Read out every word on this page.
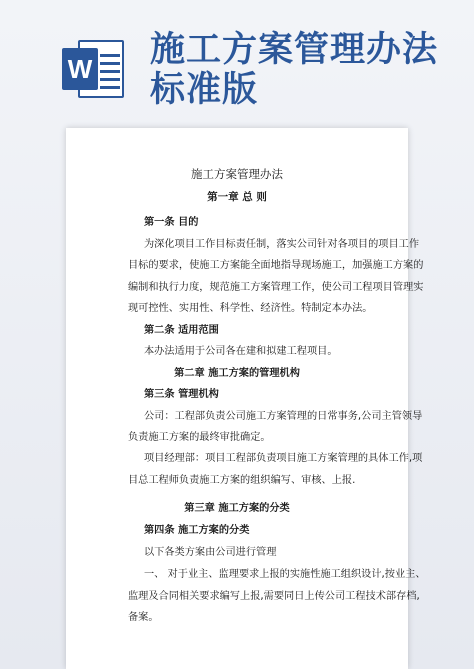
W 施工方案管理办法
标准版
施工方案管理办法
第一章 总 则
第一条 目的
为深化项目工作目标责任制，落实公司针对各项目的项目工作
目标的要求，使施工方案能全面地指导现场施工，加强施工方案的
编制和执行力度，规范施工方案管理工作，使公司工程项目管理实
现可控性、实用性、科学性、经济性。特制定本办法。
第二条 适用范围
本办法适用于公司各在建和拟建工程项目。
第二章 施工方案的管理机构
第三条 管理机构
公司：工程部负责公司施工方案管理的日常事务,公司主管领导
负责施工方案的最终审批确定。
项目经理部：项目工程部负责项目施工方案管理的具体工作,项
目总工程师负责施工方案的组织编写、审核、上报.
第三章 施工方案的分类
第四条 施工方案的分类
以下各类方案由公司进行管理
一、 对于业主、监理要求上报的实施性施工组织设计,按业主、
监理及合同相关要求编写上报,需要同日上传公司工程技术部存档,
备案。
